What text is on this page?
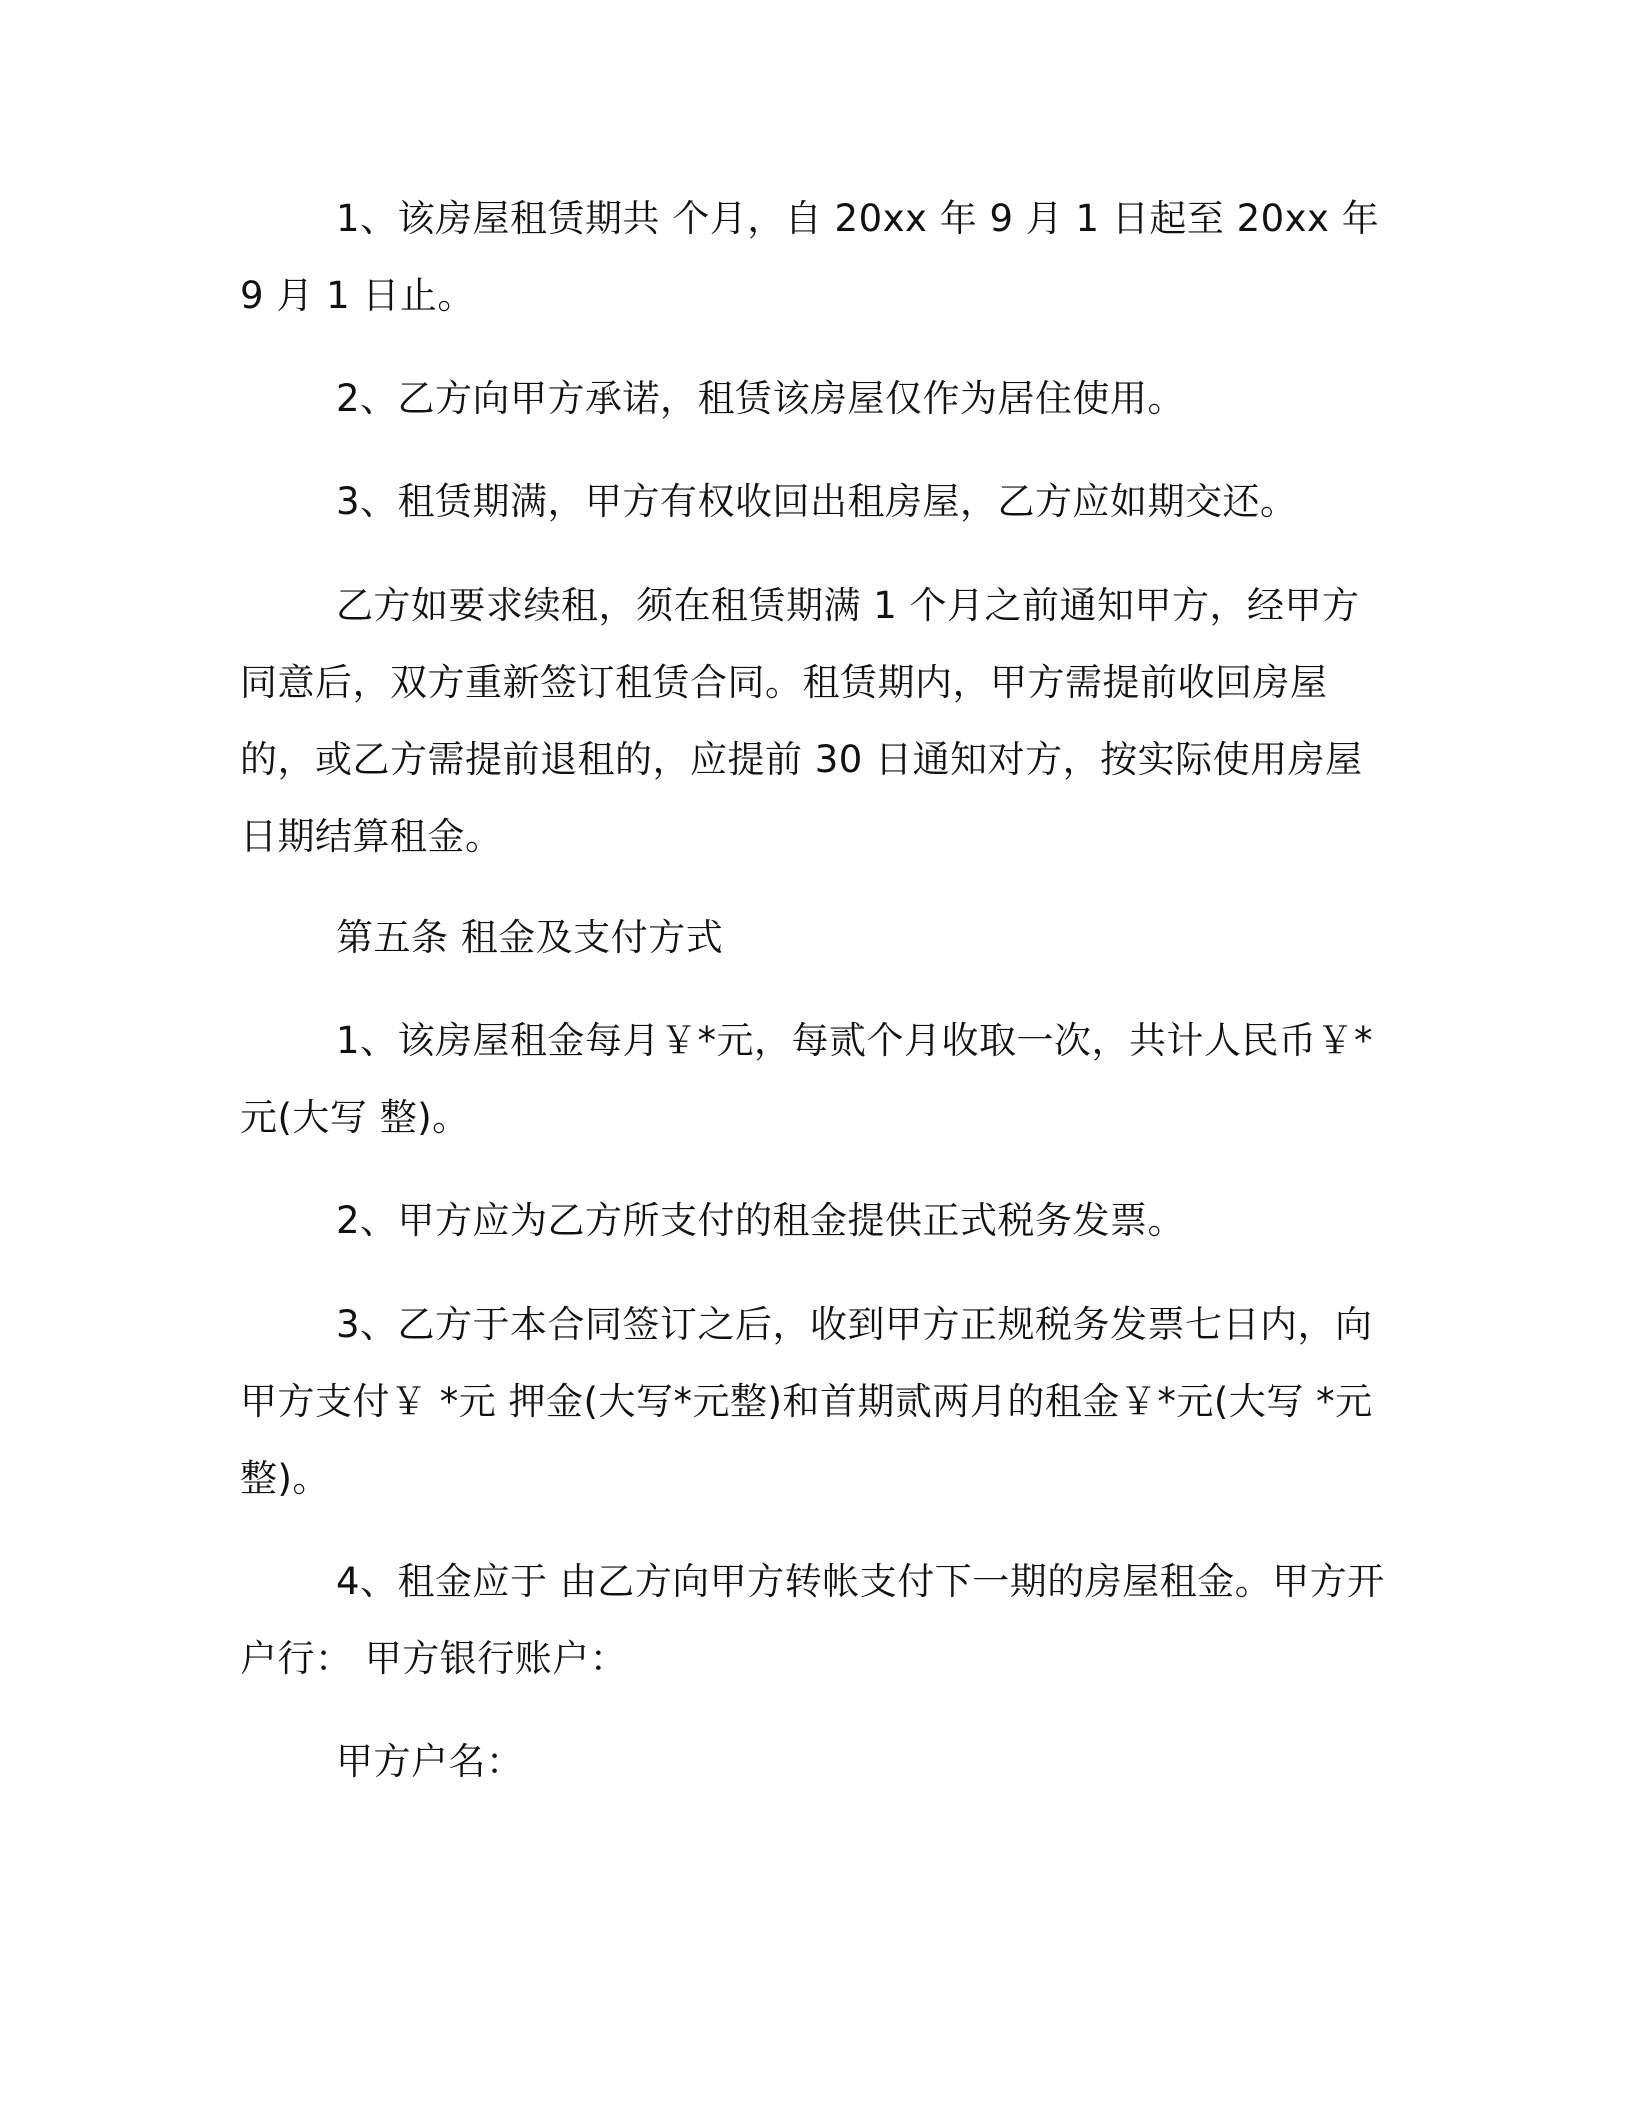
1、该房屋租赁期共 个月，自 20xx 年 9 月 1 日起至 20xx 年 9 月 1 日止。

2、乙方向甲方承诺，租赁该房屋仅作为居住使用。

3、租赁期满，甲方有权收回出租房屋，乙方应如期交还。

乙方如要求续租，须在租赁期满 1 个月之前通知甲方，经甲方同意后，双方重新签订租赁合同。租赁期内，甲方需提前收回房屋的，或乙方需提前退租的，应提前 30 日通知对方，按实际使用房屋日期结算租金。

第五条 租金及支付方式

1、该房屋租金每月￥*元，每贰个月收取一次，共计人民币￥*元(大写 整)。

2、甲方应为乙方所支付的租金提供正式税务发票。

3、乙方于本合同签订之后，收到甲方正规税务发票七日内，向甲方支付￥ *元 押金(大写*元整)和首期贰两月的租金￥*元(大写 *元整)。

4、租金应于 由乙方向甲方转帐支付下一期的房屋租金。甲方开户行： 甲方银行账户：

甲方户名：
